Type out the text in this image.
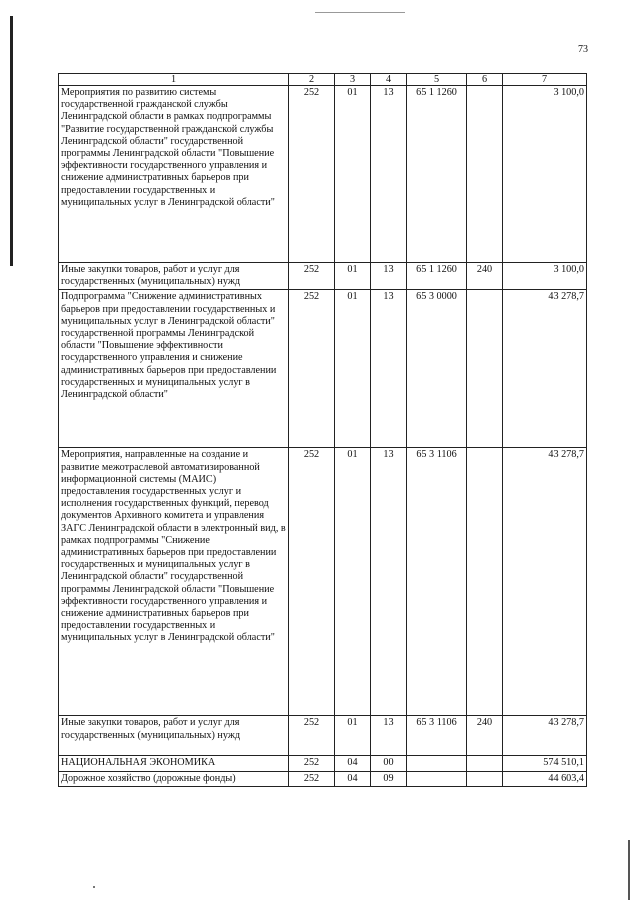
73
1	2	3	4	5	6	7
Мероприятия по развитию системы государственной гражданской службы Ленинградской области в рамках подпрограммы "Развитие государственной гражданской службы Ленинградской области" государственной программы Ленинградской области "Повышение эффективности государственного управления и снижение административных барьеров при предоставлении государственных и муниципальных услуг в Ленинградской области"	252	01	13	65 1 1260		3 100,0
Иные закупки товаров, работ и услуг для государственных (муниципальных) нужд	252	01	13	65 1 1260	240	3 100,0
Подпрограмма "Снижение административных барьеров при предоставлении государственных и муниципальных услуг в Ленинградской области" государственной программы Ленинградской области "Повышение эффективности государственного управления и снижение административных барьеров при предоставлении государственных и муниципальных услуг в Ленинградской области"	252	01	13	65 3 0000		43 278,7
Мероприятия, направленные на создание и развитие межотраслевой автоматизированной информационной системы (МАИС) предоставления государственных услуг и исполнения государственных функций, перевод документов Архивного комитета и управления ЗАГС Ленинградской области в электронный вид, в рамках подпрограммы "Снижение административных барьеров при предоставлении государственных и муниципальных услуг в Ленинградской области" государственной программы Ленинградской области "Повышение эффективности государственного управления и снижение административных барьеров при предоставлении государственных и муниципальных услуг в Ленинградской области"	252	01	13	65 3 1106		43 278,7
Иные закупки товаров, работ и услуг для государственных (муниципальных) нужд	252	01	13	65 3 1106	240	43 278,7
НАЦИОНАЛЬНАЯ ЭКОНОМИКА	252	04	00			574 510,1
Дорожное хозяйство (дорожные фонды)	252	04	09			44 603,4
